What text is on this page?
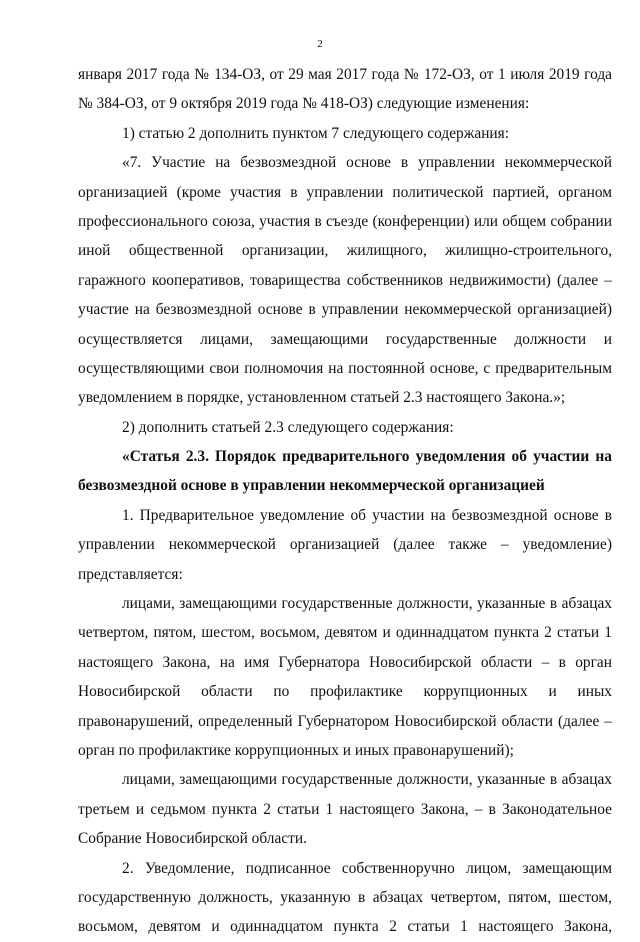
2
января 2017 года № 134-ОЗ, от 29 мая 2017 года № 172-ОЗ, от 1 июля 2019 года
№ 384-ОЗ, от 9 октября 2019 года № 418-ОЗ) следующие изменения:
1) статью 2 дополнить пунктом 7 следующего содержания:
«7. Участие на безвозмездной основе в управлении некоммерческой
организацией (кроме участия в управлении политической партией, органом
профессионального союза, участия в съезде (конференции) или общем собрании
иной общественной организации, жилищного, жилищно-строительного,
гаражного кооперативов, товарищества собственников недвижимости) (далее –
участие на безвозмездной основе в управлении некоммерческой организацией)
осуществляется лицами, замещающими государственные должности и
осуществляющими свои полномочия на постоянной основе, с предварительным
уведомлением в порядке, установленном статьей 2.3 настоящего Закона.»;
2) дополнить статьей 2.3 следующего содержания:
«Статья 2.3. Порядок предварительного уведомления об участии на
безвозмездной основе в управлении некоммерческой организацией
1. Предварительное уведомление об участии на безвозмездной основе в
управлении некоммерческой организацией (далее также – уведомление)
представляется:
лицами, замещающими государственные должности, указанные в абзацах
четвертом, пятом, шестом, восьмом, девятом и одиннадцатом пункта 2 статьи 1
настоящего Закона, на имя Губернатора Новосибирской области – в орган
Новосибирской области по профилактике коррупционных и иных
правонарушений, определенный Губернатором Новосибирской области (далее –
орган по профилактике коррупционных и иных правонарушений);
лицами, замещающими государственные должности, указанные в абзацах
третьем и седьмом пункта 2 статьи 1 настоящего Закона, – в Законодательное
Собрание Новосибирской области.
2. Уведомление, подписанное собственноручно лицом, замещающим
государственную должность, указанную в абзацах четвертом, пятом, шестом,
восьмом, девятом и одиннадцатом пункта 2 статьи 1 настоящего Закона,
